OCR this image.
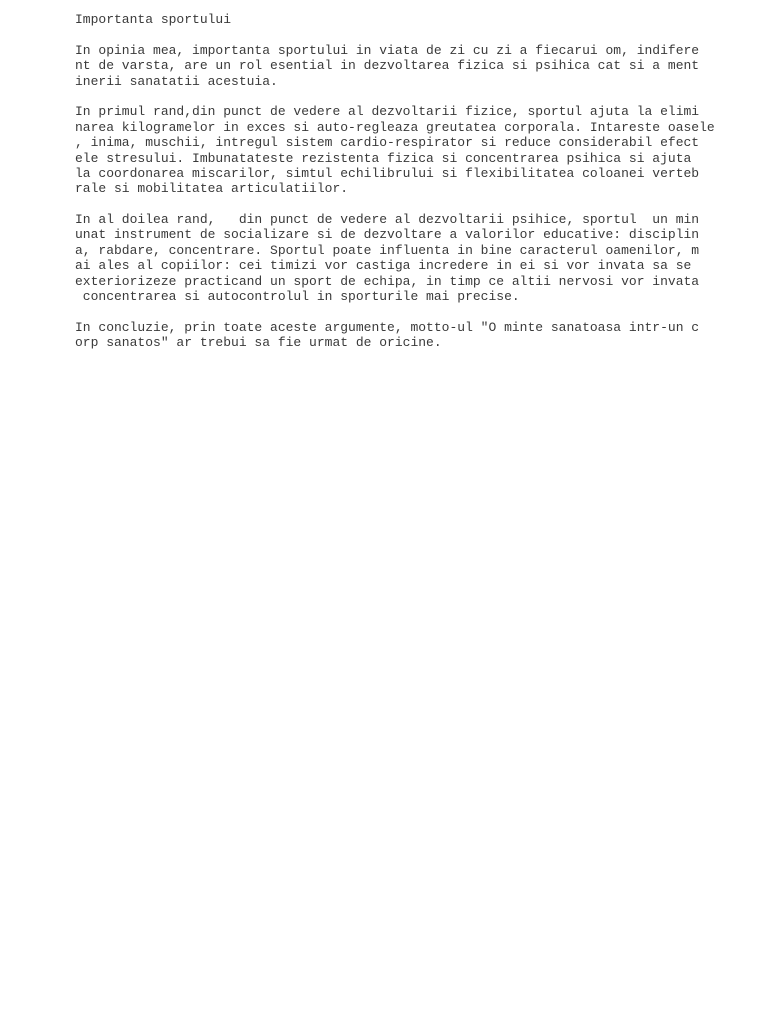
Importanta sportului
In opinia mea, importanta sportului in viata de zi cu zi a fiecarui om, indifere
nt de varsta, are un rol esential in dezvoltarea fizica si psihica cat si a ment
inerii sanatatii acestuia.
In primul rand,din punct de vedere al dezvoltarii fizice, sportul ajuta la elimi
narea kilogramelor in exces si auto-regleaza greutatea corporala. Intareste oasele
, inima, muschii, intregul sistem cardio-respirator si reduce considerabil efect
ele stresului. Imbunatateste rezistenta fizica si concentrarea psihica si ajuta
la coordonarea miscarilor, simtul echilibrului si flexibilitatea coloanei verteb
rale si mobilitatea articulatiilor.
In al doilea rand,   din punct de vedere al dezvoltarii psihice, sportul  un min
unat instrument de socializare si de dezvoltare a valorilor educative: disciplin
a, rabdare, concentrare. Sportul poate influenta in bine caracterul oamenilor, m
ai ales al copiilor: cei timizi vor castiga incredere in ei si vor invata sa se
exteriorizeze practicand un sport de echipa, in timp ce altii nervosi vor invata
concentrarea si autocontrolul in sporturile mai precise.
In concluzie, prin toate aceste argumente, motto-ul "O minte sanatoasa intr-un c
orp sanatos" ar trebui sa fie urmat de oricine.
